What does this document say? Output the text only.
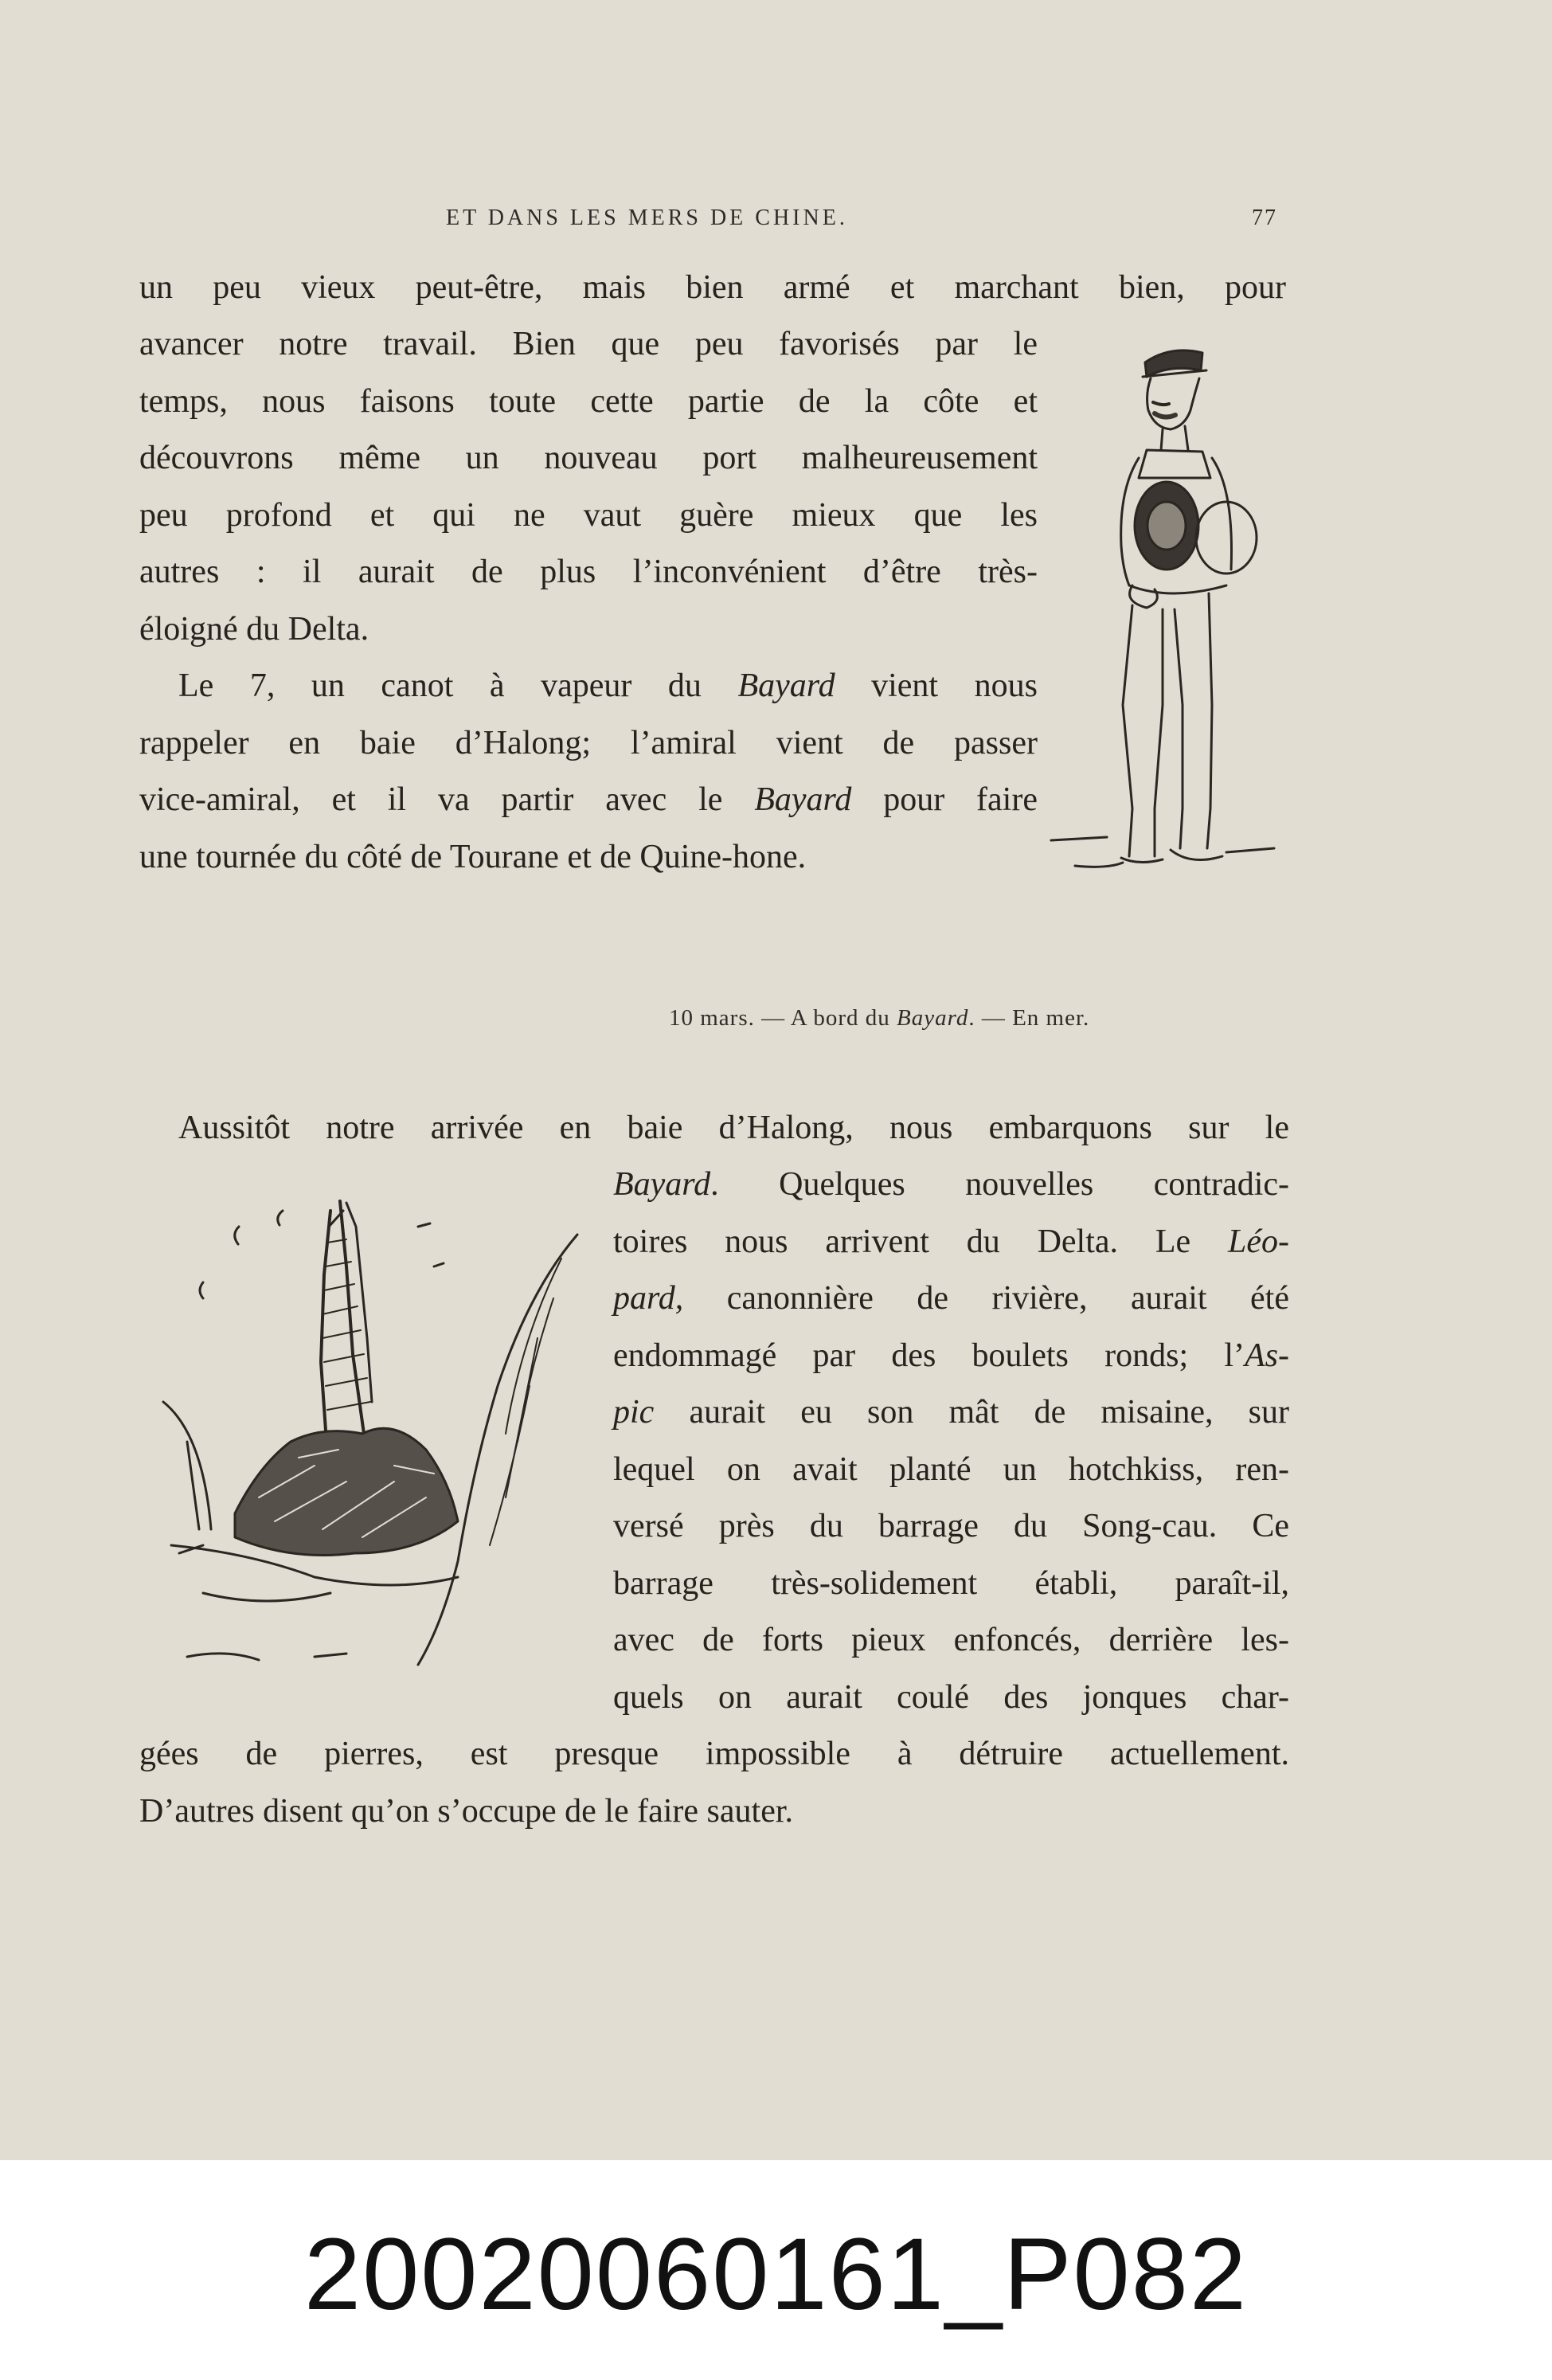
ET DANS LES MERS DE CHINE.	77
un peu vieux peut-être, mais bien armé et marchant bien, pour
avancer notre travail. Bien que peu favorisés par le
temps, nous faisons toute cette partie de la côte et
découvrons même un nouveau port malheureusement
peu profond et qui ne vaut guère mieux que les
autres : il aurait de plus l’inconvénient d’être très-
éloigné du Delta.
Le 7, un canot à vapeur du Bayard vient nous
rappeler en baie d’Halong; l’amiral vient de passer
vice-amiral, et il va partir avec le Bayard pour faire
une tournée du côté de Tourane et de Quine-hone.
10 mars. — A bord du Bayard. — En mer.
Aussitôt notre arrivée en baie d’Halong, nous embarquons sur le
Bayard. Quelques nouvelles contradic-
toires nous arrivent du Delta. Le Léo-
pard, canonnière de rivière, aurait été
endommagé par des boulets ronds; l’As-
pic aurait eu son mât de misaine, sur
lequel on avait planté un hotchkiss, ren-
versé près du barrage du Song-cau. Ce
barrage très-solidement établi, paraît-il,
avec de forts pieux enfoncés, derrière les-
quels on aurait coulé des jonques char-
gées de pierres, est presque impossible à détruire actuellement.
D’autres disent qu’on s’occupe de le faire sauter.
20020060161_P082
